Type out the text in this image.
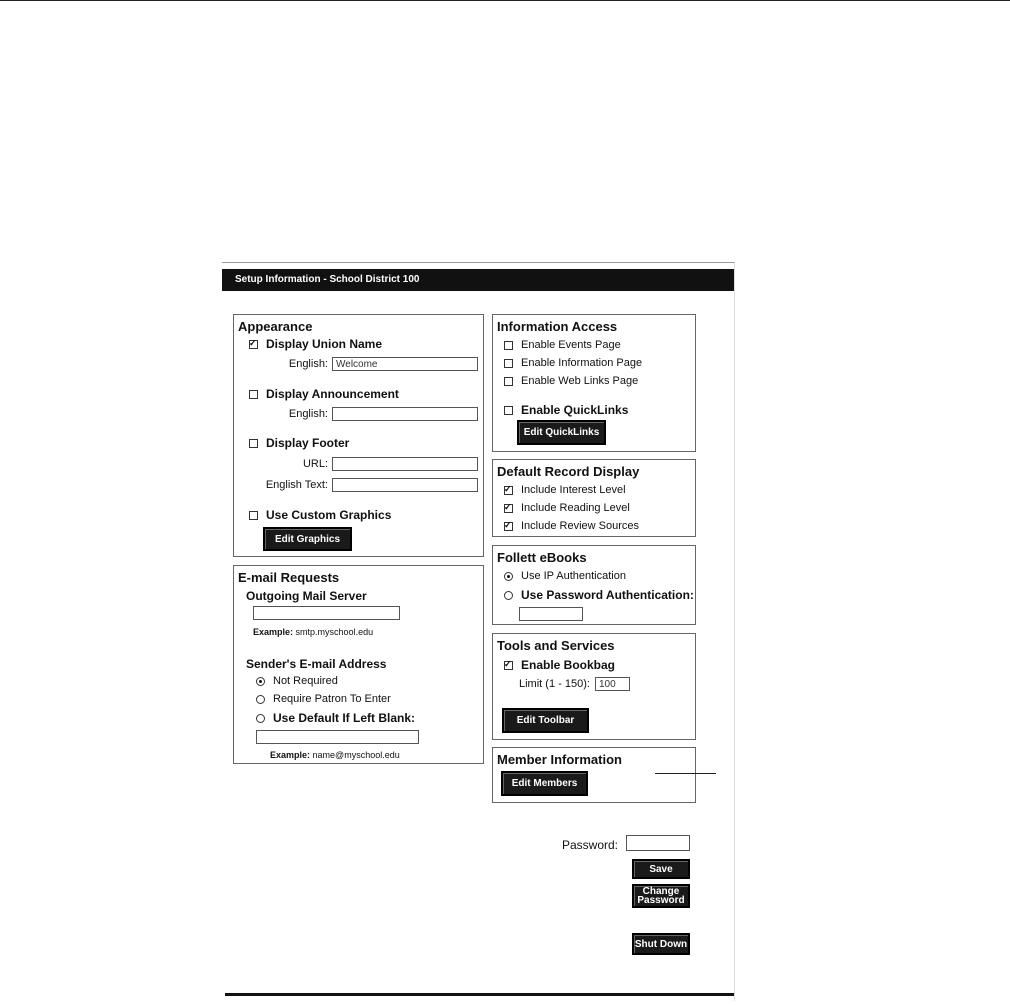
Setup Information - School District 100
Appearance
✓
Display Union Name
English: Welcome
Display Announcement
English:
Display Footer
URL:
English Text:
Use Custom Graphics
Edit Graphics
E-mail Requests
Outgoing Mail Server
Example: smtp.myschool.edu
Sender's E-mail Address
Not Required
Require Patron To Enter
Use Default If Left Blank:
Example: name@myschool.edu
Information Access
Enable Events Page
Enable Information Page
Enable Web Links Page
Enable QuickLinks
Edit QuickLinks
Default Record Display
✓
Include Interest Level
✓
Include Reading Level
✓
Include Review Sources
Follett eBooks
Use IP Authentication
Use Password Authentication:
Tools and Services
✓
Enable Bookbag
Limit (1 - 150): 100
Edit Toolbar
Member Information
Edit Members
Password:
Save
Change
Password
Shut Down
